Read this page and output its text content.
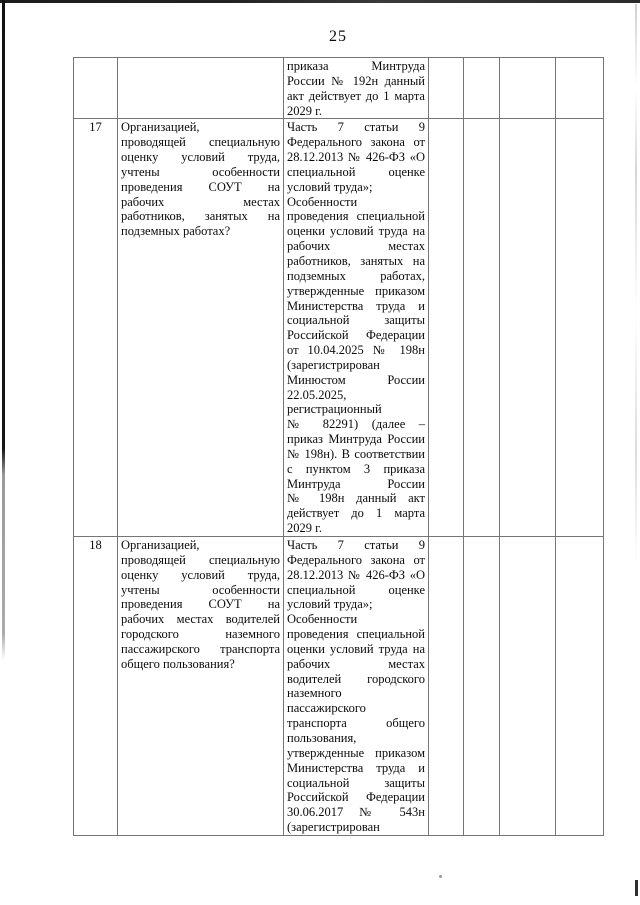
25

		приказа Минтруда
России № 192н данный
акт действует до 1 марта
2029 г.				

17	Организацией,
проводящей специальную
оценку условий труда,
учтены особенности
проведения СОУТ на
рабочих местах
работников, занятых на
подземных работах?

Часть 7 статьи 9
Федерального закона от
28.12.2013 № 426-ФЗ «О
специальной оценке
условий труда»;
Особенности
проведения специальной
оценки условий труда на
рабочих местах
работников, занятых на
подземных работах,
утвержденные приказом
Министерства труда и
социальной защиты
Российской Федерации
от 10.04.2025 № 198н
(зарегистрирован
Минюстом России
22.05.2025,
регистрационный
№ 82291) (далее –
приказ Минтруда России
№ 198н). В соответствии
с пунктом 3 приказа
Минтруда России
№ 198н данный акт
действует до 1 марта
2029 г.

18	Организацией,
проводящей специальную
оценку условий труда,
учтены особенности
проведения СОУТ на
рабочих местах водителей
городского наземного
пассажирского транспорта
общего пользования?

Часть 7 статьи 9
Федерального закона от
28.12.2013 № 426-ФЗ «О
специальной оценке
условий труда»;
Особенности
проведения специальной
оценки условий труда на
рабочих местах
водителей городского
наземного
пассажирского
транспорта общего
пользования,
утвержденные приказом
Министерства труда и
социальной защиты
Российской Федерации
30.06.2017 № 543н
(зарегистрирован
